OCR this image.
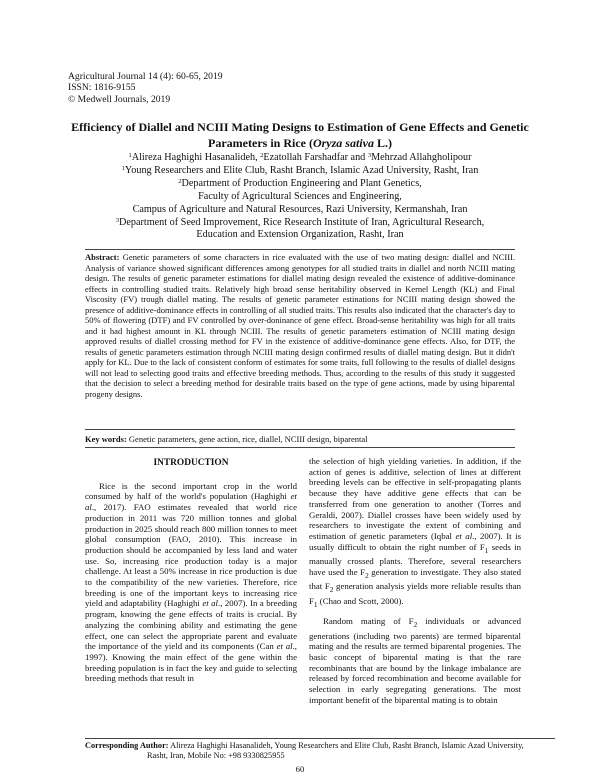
Agricultural Journal 14 (4): 60-65, 2019
ISSN: 1816-9155
© Medwell Journals, 2019
Efficiency of Diallel and NCIII Mating Designs to Estimation of Gene Effects and Genetic Parameters in Rice (Oryza sativa L.)
$^1$Alireza Haghighi Hasanalideh, $^2$Ezatollah Farshadfar and $^3$Mehrzad Allahgholipour
$^1$Young Researchers and Elite Club, Rasht Branch, Islamic Azad University, Rasht, Iran
$^2$Department of Production Engineering and Plant Genetics,
Faculty of Agricultural Sciences and Engineering,
Campus of Agriculture and Natural Resources, Razi University, Kermanshah, Iran
$^3$Department of Seed Improvement, Rice Research Institute of Iran, Agricultural Research,
Education and Extension Organization, Rasht, Iran
Abstract: Genetic parameters of some characters in rice evaluated with the use of two mating design: diallel and NCIII. Analysis of variance showed significant differences among genotypes for all studied traits in diallel and north NCIII mating design. The results of genetic parameter estimations for diallel mating design revealed the existence of additive-dominance effects in controlling studied traits. Relatively high broad sense heritability observed in Kernel Length (KL) and Final Viscosity (FV) trough diallel mating. The results of genetic parameter estinations for NCIII mating design showed the presence of additive-dominance effects in controlling of all studied traits. This results also indicated that the character's day to 50% of flowering (DTF) and FV controlled by over-doninance of gene effect. Broad-sense heritability was high for all traits and it had highest amount in KL through NCIII. The results of genetic parameters estimation of NCIII mating design approved results of diallel crossing method for FV in the existence of additive-dominance gene effects. Also, for DTF, the results of genetic parameters estimation through NCIII mating design confirmed results of diallel mating design. But it didn't apply for KL. Due to the lack of consistent conform of estimates for some traits, full following to the results of diallel designs will not lead to selecting good traits and effective breeding methods. Thus, according to the results of this study it suggested that the decision to select a breeding method for desirable traits based on the type of gene actions, made by using biparental progeny designs.
Key words: Genetic parameters, gene action, rice, diallel, NCIII design, biparental
INTRODUCTION

Rice is the second important crop in the world consumed by half of the world's population (Haghighi et al., 2017). FAO estimates revealed that world rice production in 2011 was 720 million tonnes and global production in 2025 should reach 800 million tonnes to meet global consumption (FAO, 2010). This increase in production should be accompanied by less land and water use. So, increasing rice production today is a major challenge. At least a 50% increase in rice production is due to the compatibility of the new varieties. Therefore, rice breeding is one of the important keys to increasing rice yield and adaptability (Haghighi et al., 2007). In a breeding program, knowing the gene effects of traits is crucial. By analyzing the combining ability and estimating the gene effect, one can select the appropriate parent and evaluate the importance of the yield and its components (Can et al., 1997). Knowing the main effect of the gene within the breeding population is in fact the key and guide to selecting breeding methods that result in

the selection of high yielding varieties. In addition, if the action of genes is additive, selection of lines at different breeding levels can be effective in self-propagating plants because they have additive gene effects that can be transferred from one generation to another (Torres and Geraldi, 2007). Diallel crosses have been widely used by researchers to investigate the extent of combining and estimation of genetic parameters (Iqbal et al., 2007). It is usually difficult to obtain the right number of $F_1$ seeds in manually crossed plants. Therefore, several researchers have used the $F_2$ generation to investigate. They also stated that $F_2$ generation analysis yields more reliable results than $F_1$ (Chao and Scott, 2000).

Random mating of $F_2$ individuals or advanced generations (including two parents) are termed biparental mating and the results are termed biparental progenies. The basic concept of biparental mating is that the rare recombinants that are bound by the linkage imbalance are released by forced recombination and become available for selection in early segregating generations. The most important benefit of the biparental mating is to obtain

Corresponding Author: Alireza Haghighi Hasanalideh, Young Researchers and Elite Club, Rasht Branch, Islamic Azad University,
Rasht, Iran, Mobile No: +98 9330825955
60
